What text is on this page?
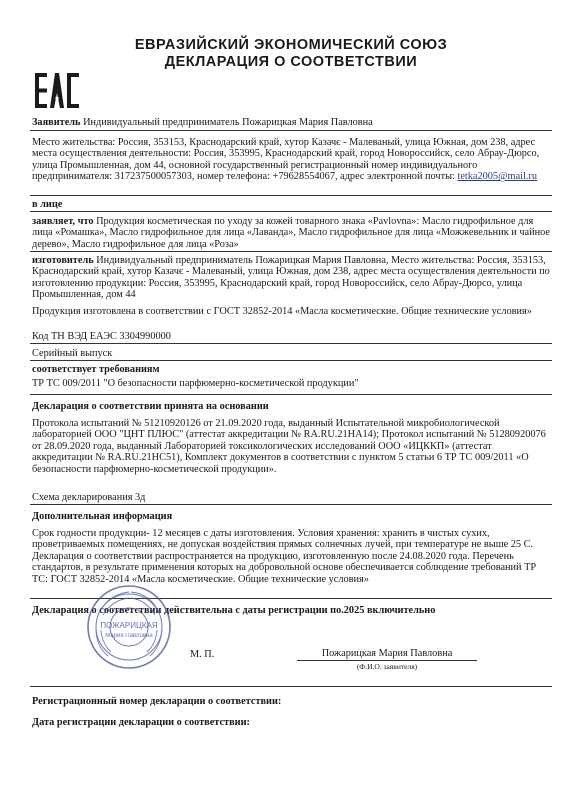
ЕВРАЗИЙСКИЙ ЭКОНОМИЧЕСКИЙ СОЮЗ
ДЕКЛАРАЦИЯ О СООТВЕТСТВИИ
Заявитель Индивидуальный предприниматель Пожарицкая Мария Павловна
Место жительства: Россия, 353153, Краснодарский край, хутор Казачє - Малеваный, улица Южная, дом 238, адрес места осуществления деятельности: Россия, 353995, Краснодарский край, город Новороссийск, село Абрау-Дюрсо, улица Промышленная, дом 44, основной государственный регистрационный номер индивидуального предпринимателя: 317237500057303, номер телефона: +79628554067, адрес электронной почты: tetka2005@mail.ru
в лице
заявляет, что Продукция косметическая по уходу за кожей товарного знака «Pavlovna»: Масло гидрофильное для лица «Ромашка», Масло гидрофильное для лица «Лаванда», Масло гидрофильное для лица «Можжевельник и чайное дерево», Масло гидрофильное для лица «Роза»
изготовитель Индивидуальный предприниматель Пожарицкая Мария Павловна, Место жительства: Россия, 353153, Краснодарский край, хутор Казачє - Малеваный, улица Южная, дом 238, адрес места осуществления деятельности по изготовлению продукции: Россия, 353995, Краснодарский край, город Новороссийск, село Абрау-Дюрсо, улица Промышленная, дом 44
Продукция изготовлена в соответствии с ГОСТ 32852-2014 «Масла косметические. Общие технические условия»
Код ТН ВЭД ЕАЭС 3304990000
Серийный выпуск
соответствует требованиям
ТР ТС 009/2011 "О безопасности парфюмерно-косметической продукции"
Декларация о соответствии принята на основании
Протокола испытаний № 51210920126 от 21.09.2020 года, выданный Испытательной микробиологической лабораторией ООО "ЦНТ ПЛЮС" (аттестат аккредитации № RA.RU.21HA14); Протокол испытаний № 51280920076 от 28.09.2020 года, выданный Лабораторией токсикологических исследований ООО «ИЦККП» (аттестат аккредитации № RA.RU.21HC51), Комплект документов в соответствии с пунктом 5 статьи 6 ТР ТС 009/2011 «О безопасности парфюмерно-косметической продукции».
Схема декларирования 3д
Дополнительная информация
Срок годности продукции- 12 месяцев с даты изготовления. Условия хранения: хранить в чистых сухих, проветриваемых помещениях, не допуская воздействия прямых солнечных лучей, при температуре не выше 25 С. Декларация о соответствии распространяется на продукцию, изготовленную после 24.08.2020 года. Перечень стандартов, в результате применения которых на добровольной основе обеспечивается соблюдение требований ТР ТС: ГОСТ 32852-2014 «Масла косметические. Общие технические условия»
Декларация о соответствии действительна с даты регистрации по.2025 включительно
ПОЖАРИЦКАЯ
Мария Павловна
М. П.	Пожарицкая Мария Павловна
(Ф.И.О. заявителя)
Регистрационный номер декларации о соответствии:
Дата регистрации декларации о соответствии:
